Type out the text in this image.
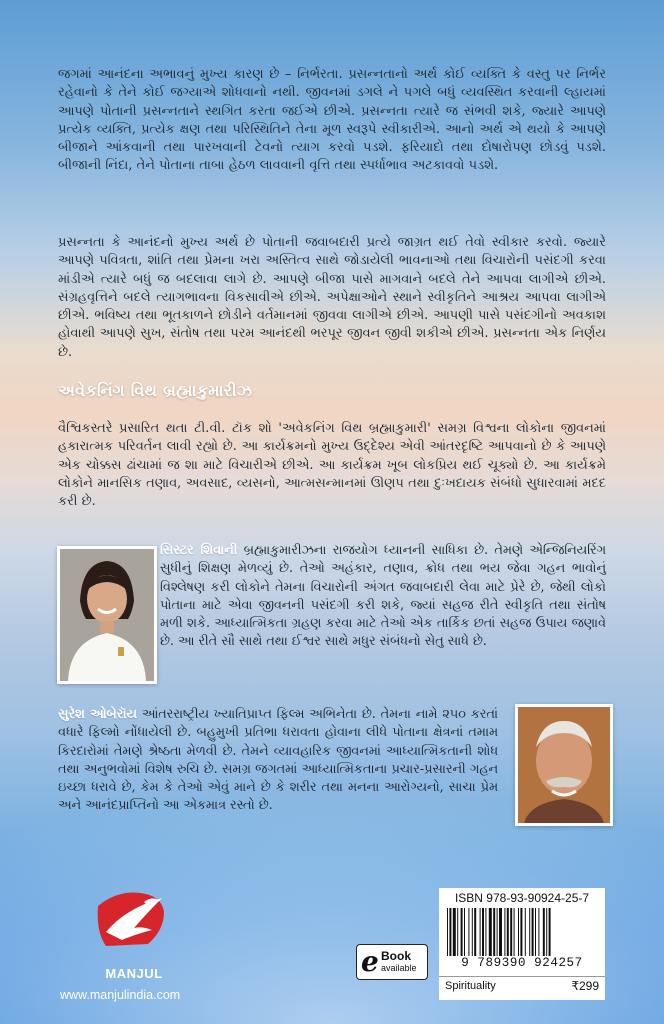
જગમાં આનંદના અભાવનું મુખ્ય કારણ છે – નિર્ભરતા. પ્રસન્નતાનો અર્થ કોઈ વ્યક્તિ કે વસ્તુ પર નિર્ભર રહેવાનો કે તેને કોઈ જગ્યાએ શોધવાનો નથી. જીવનમાં ડગલે ને પગલે બધું વ્યવસ્થિત કરવાની લ્હાયમાં આપણે પોતાની પ્રસન્નતાને સ્થગિત કરતા જઈએ છીએ. પ્રસન્નતા ત્યારે જ સંભવી શકે, જ્યારે આપણે પ્રત્યેક વ્યક્તિ, પ્રત્યેક ક્ષણ તથા પરિસ્થિતિને તેના મૂળ સ્વરૂપે સ્વીકારીએ. આનો અર્થ એ થયો કે આપણે બીજાને આંકવાની તથા પારખવાની ટેવનો ત્યાગ કરવો પડશે. ફરિયાદો તથા દોષારોપણ છોડવું પડશે. બીજાની નિંદા, તેને પોતાના તાબા હેઠળ લાવવાની વૃત્તિ તથા સ્પર્ધાભાવ અટકાવવો પડશે.

પ્રસન્નતા કે આનંદનો મુખ્ય અર્થ છે પોતાની જવાબદારી પ્રત્યે જાગ્રત થઈ તેવો સ્વીકાર કરવો. જ્યારે આપણે પવિત્રતા, શાંતિ તથા પ્રેમના ખરા અસ્તિત્વ સાથે જોડાયેલી ભાવનાઓ તથા વિચારોની પસંદગી કરવા માંડીએ ત્યારે બધું જ બદલાવા લાગે છે. આપણે બીજા પાસે માગવાને બદલે તેને આપવા લાગીએ છીએ. સંગ્રહવૃત્તિને બદલે ત્યાગભાવના વિકસાવીએ છીએ. અપેક્ષાઓને સ્થાને સ્વીકૃતિને આશ્રય આપવા લાગીએ છીએ. ભવિષ્ય તથા ભૂતકાળને છોડીને વર્તમાનમાં જીવવા લાગીએ છીએ. આપણી પાસે પસંદગીનો અવકાશ હોવાથી આપણે સુખ, સંતોષ તથા પરમ આનંદથી ભરપૂર જીવન જીવી શકીએ છીએ. પ્રસન્નતા એક નિર્ણય છે.

અવેકનિંગ વિથ બ્રહ્માકુમારીઝ

વૈશ્વિકસ્તરે પ્રસારિત થતા ટી.વી. ટૉક શો 'અવેકનિંગ વિથ બ્રહ્માકુમારી' સમગ્ર વિશ્વના લોકોના જીવનમાં હકારાત્મક પરિવર્તન લાવી રહ્યો છે. આ કાર્યક્રમનો મુખ્ય ઉદ્દેશ્ય એવી આંતરદૃષ્ટિ આપવાનો છે કે આપણે એક ચોક્કસ ઢાંચામાં જ શા માટે વિચારીએ છીએ. આ કાર્યક્રમ ખૂબ લોકપ્રિય થઈ ચૂક્યો છે. આ કાર્યક્રમે લોકોને માનસિક તણાવ, અવસાદ, વ્યસનો, આત્મસન્માનમાં ઊણપ તથા દુઃખદાયક સંબંધો સુધારવામાં મદદ કરી છે.

સિસ્ટર શિવાની બ્રહ્માકુમારીઝના રાજયોગ ધ્યાનની સાધિકા છે. તેમણે એન્જિનિયરિંગ સુધીનું શિક્ષણ મેળવ્યું છે. તેઓ અહંકાર, તણાવ, ક્રોધ તથા ભય જેવા ગહન ભાવોનું વિશ્લેષણ કરી લોકોને તેમના વિચારોની અંગત જવાબદારી લેવા માટે પ્રેરે છે, જેથી લોકો પોતાના માટે એવા જીવનની પસંદગી કરી શકે, જ્યાં સહજ રીતે સ્વીકૃતિ તથા સંતોષ મળી શકે. આધ્યાત્મિકતા ગ્રહણ કરવા માટે તેઓ એક તાર્કિક છતાં સહજ ઉપાય જણાવે છે. આ રીતે સૌ સાથે તથા ઈશ્વર સાથે મધુર સંબંધનો સેતુ સાધે છે.

સુરેશ ઓબેરૉય આંતરરાષ્ટ્રીય ખ્યાતિપ્રાપ્ત ફિલ્મ અભિનેતા છે. તેમના નામે ૨૫૦ કરતાં વધારે ફિલ્મો નોંધાયેલી છે. બહુમુખી પ્રતિભા ધરાવતા હોવાના લીધે પોતાના ક્ષેત્રનાં તમામ કિરદારોમાં તેમણે શ્રેષ્ઠતા મેળવી છે. તેમને વ્યાવહારિક જીવનમાં આધ્યાત્મિકતાની શોધ તથા અનુભવોમાં વિશેષ રુચિ છે. સમગ્ર જગતમાં આધ્યાત્મિકતાના પ્રચાર-પ્રસારની ગહન ઇચ્છા ધરાવે છે, કેમ કે તેઓ એવું માને છે કે શરીર તથા મનના આરોગ્યનો, સાચા પ્રેમ અને આનંદપ્રાપ્તિનો આ એકમાત્ર રસ્તો છે.

MANJUL
www.manjulindia.com
e Book
available
ISBN 978-93-90924-25-7
9 789390 924257
Spirituality	₹299
